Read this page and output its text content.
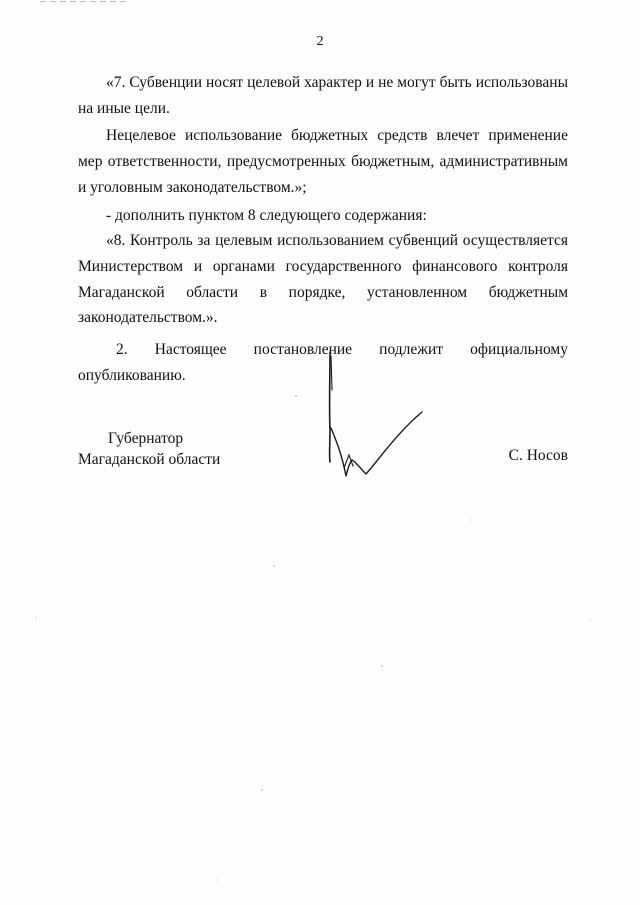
2

«7. Субвенции носят целевой характер и не могут быть использованы на иные цели.

Нецелевое использование бюджетных средств влечет применение мер ответственности, предусмотренных бюджетным, административным и уголовным законодательством.»;

- дополнить пунктом 8 следующего содержания:

«8. Контроль за целевым использованием субвенций осуществляется Министерством и органами государственного финансового контроля Магаданской области в порядке, установленном бюджетным законодательством.».

2. Настоящее постановление подлежит официальному опубликованию.

Губернатор
Магаданской области	С. Носов
